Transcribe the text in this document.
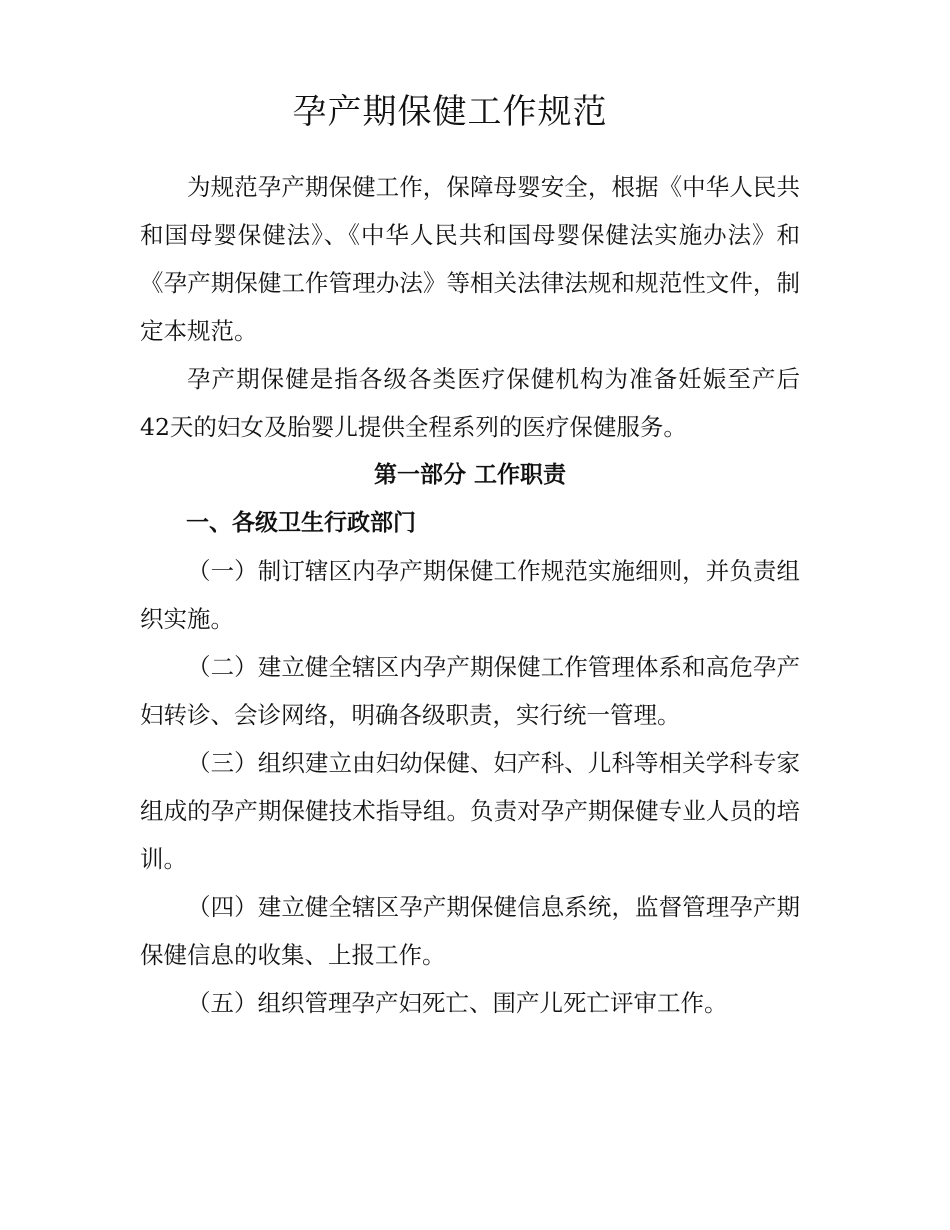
孕产期保健工作规范

为规范孕产期保健工作，保障母婴安全，根据《中华人民共和国母婴保健法》、《中华人民共和国母婴保健法实施办法》和《孕产期保健工作管理办法》等相关法律法规和规范性文件，制定本规范。

孕产期保健是指各级各类医疗保健机构为准备妊娠至产后42天的妇女及胎婴儿提供全程系列的医疗保健服务。

第一部分 工作职责
一、各级卫生行政部门

（一）制订辖区内孕产期保健工作规范实施细则，并负责组织实施。

（二）建立健全辖区内孕产期保健工作管理体系和高危孕产妇转诊、会诊网络，明确各级职责，实行统一管理。

（三）组织建立由妇幼保健、妇产科、儿科等相关学科专家组成的孕产期保健技术指导组。负责对孕产期保健专业人员的培训。

（四）建立健全辖区孕产期保健信息系统，监督管理孕产期保健信息的收集、上报工作。

（五）组织管理孕产妇死亡、围产儿死亡评审工作。
